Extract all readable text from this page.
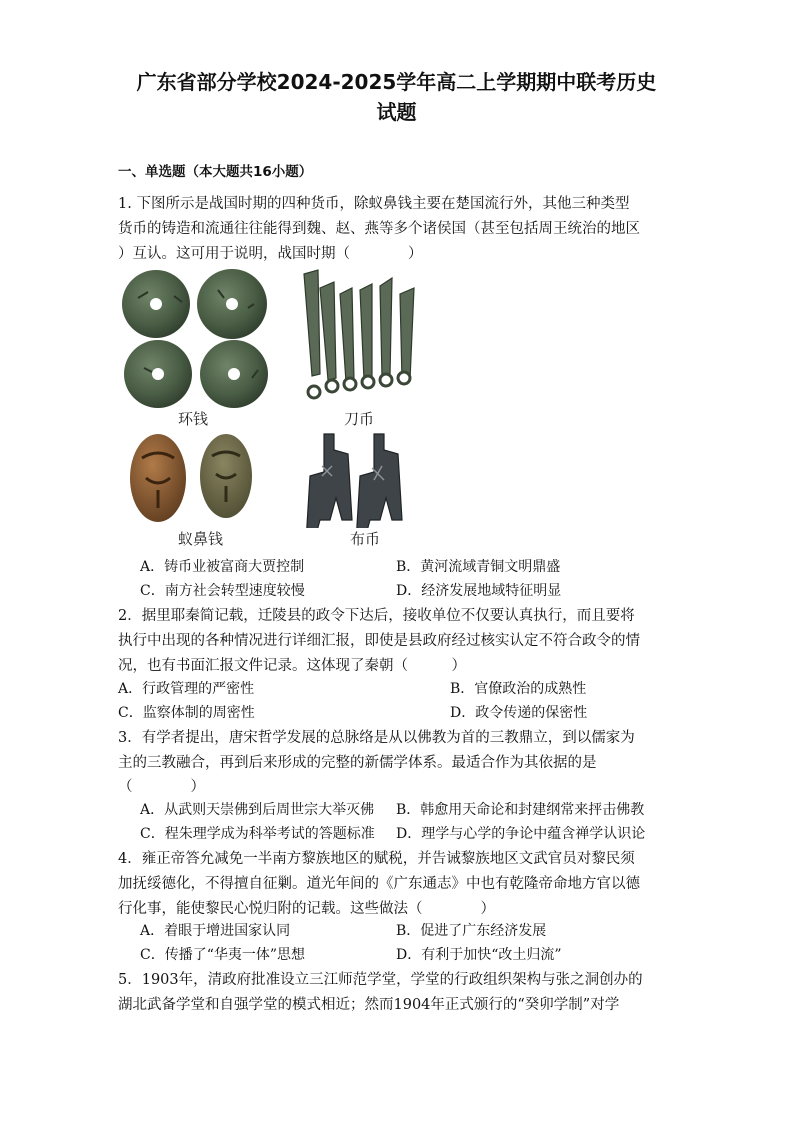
广东省部分学校2024-2025学年高二上学期期中联考历史
试题
一、单选题（本大题共16小题）
1. 下图所示是战国时期的四种货币，除蚁鼻钱主要在楚国流行外，其他三种类型
货币的铸造和流通往往能得到魏、赵、燕等多个诸侯国（甚至包括周王统治的地区
）互认。这可用于说明，战国时期（　　　　）
环钱	刀币
蚁鼻钱	布币
A．铸币业被富商大贾控制	B．黄河流域青铜文明鼎盛
C．南方社会转型速度较慢	D．经济发展地域特征明显
2．据里耶秦简记载，迁陵县的政令下达后，接收单位不仅要认真执行，而且要将
执行中出现的各种情况进行详细汇报，即使是县政府经过核实认定不符合政令的情
况，也有书面汇报文件记录。这体现了秦朝（　　　）
A．行政管理的严密性	B．官僚政治的成熟性
C．监察体制的周密性	D．政令传递的保密性
3．有学者提出，唐宋哲学发展的总脉络是从以佛教为首的三教鼎立，到以儒家为
主的三教融合，再到后来形成的完整的新儒学体系。最适合作为其依据的是
（　　　　）
A．从武则天崇佛到后周世宗大举灭佛 B．韩愈用天命论和封建纲常来抨击佛教
C．程朱理学成为科举考试的答题标准 D．理学与心学的争论中蕴含禅学认识论
4．雍正帝答允减免一半南方黎族地区的赋税，并告诫黎族地区文武官员对黎民须
加抚绥德化，不得擅自征剿。道光年间的《广东通志》中也有乾隆帝命地方官以德
行化事，能使黎民心悦归附的记载。这些做法（　　　　）
A．着眼于增进国家认同	B．促进了广东经济发展
C．传播了“华夷一体”思想	D．有利于加快“改土归流”
5．1903年，清政府批准设立三江师范学堂，学堂的行政组织架构与张之洞创办的
湖北武备学堂和自强学堂的模式相近；然而1904年正式颁行的“癸卯学制”对学
